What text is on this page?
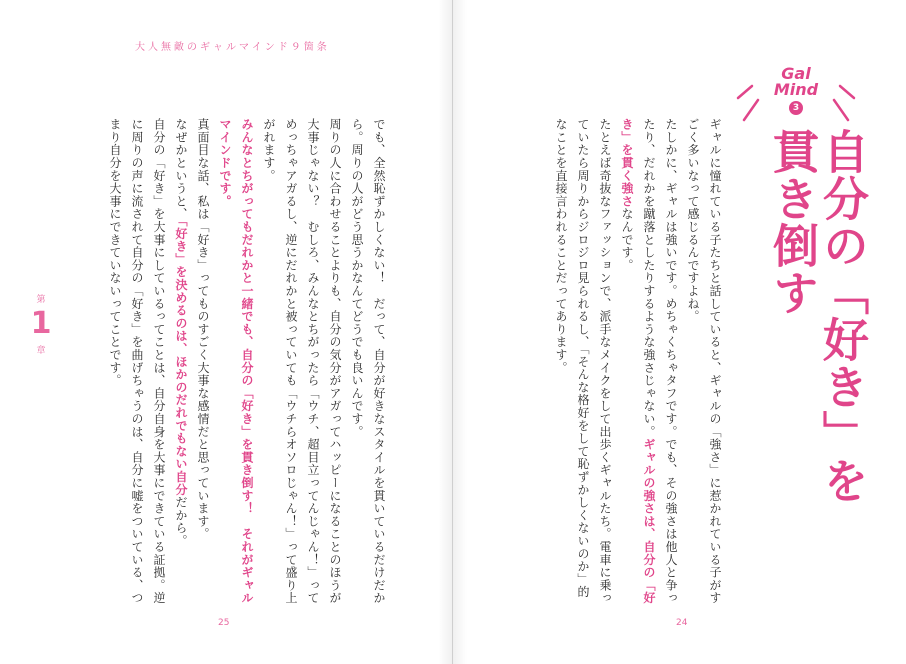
大人無敵のギャルマインド９箇条
第
1
章	でも、全然恥ずかしくない！　だって、自分が好きなスタイルを貫いているだけだから。周りの人がどう思うかなんてどうでも良いんです。

周りの人に合わせることよりも、自分の気分がアガってハッピーになることのほうが大事じゃない？　むしろ、みんなとちがったら「ウチ、超目立ってんじゃん！」ってめっちゃアガるし、逆にだれかと被っていても「ウチらオソロじゃん！」って盛り上がれます。

みんなとちがってもだれかと一緒でも、自分の「好き」を貫き倒す！　それがギャルマインドです。

真面目な話、私は「好き」ってものすごく大事な感情だと思っています。

なぜかというと、「好き」を決めるのは、ほかのだれでもない自分だから。

自分の「好き」を大事にしているってことは、自分自身を大事にできている証拠。逆に周りの声に流されて自分の「好き」を曲げちゃうのは、自分に嘘をついている、つまり自分を大事にできていないってことです。

25
Gal
Mind
3
自分の「好き」を
貫き倒す

ギャルに憧れている子たちと話していると、ギャルの「強さ」に惹かれている子がすごく多いなって感じるんですよね。

たしかに、ギャルは強いです。めちゃくちゃタフです。でも、その強さは他人と争ったり、だれかを蹴落としたりするような強さじゃない。ギャルの強さは、自分の「好き」を貫く強さなんです。

たとえば奇抜なファッションで、派手なメイクをして出歩くギャルたち。電車に乗っていたら周りからジロジロ見られるし、「そんな格好をして恥ずかしくないのか」的なことを直接言われることだってあります。

24
